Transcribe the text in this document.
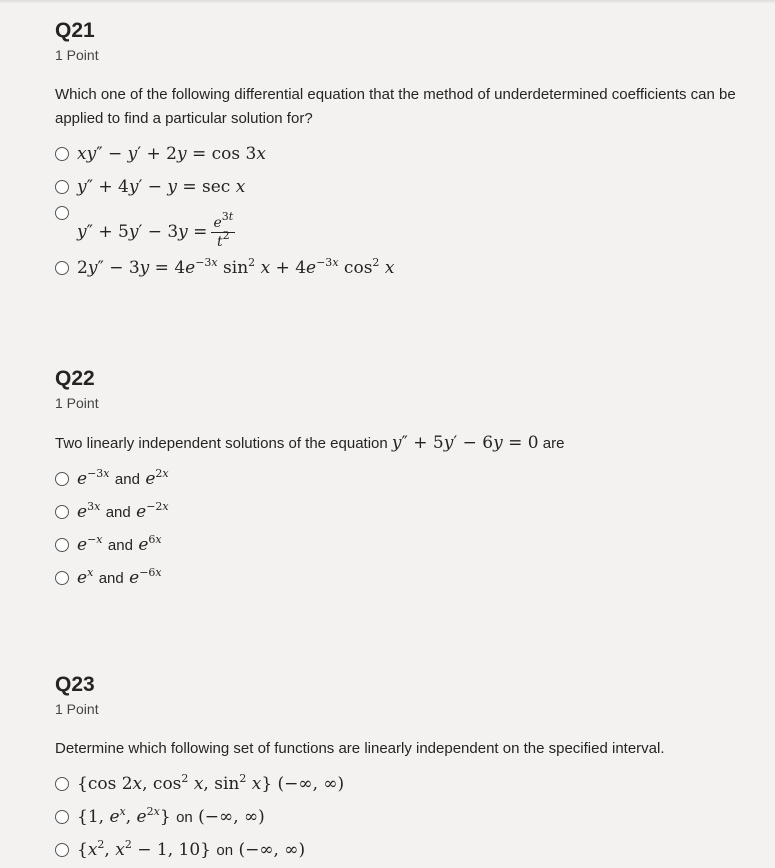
Q21
1 Point
Which one of the following differential equation that the method of underdetermined coefficients can be applied to find a particular solution for?
xy″ − y′ + 2y = cos 3x
y″ + 4y′ − y = sec x
$y'' + 5y' - 3y = \frac{e^{3t}}{t^2}$
$2y'' - 3y = 4e^{-3x}$ $\sin^2 x + 4e^{-3x}$ $\cos^2 x$
Q22
1 Point
Two linearly independent solutions of the equation y″ + 5y′ − 6y = 0 are
$e^{-3x}$ and $e^{2x}$
$e^{3x}$ and $e^{-2x}$
$e^{-x}$ and $e^{6x}$
$e^x$ and $e^{-6x}$
Q23
1 Point
Determine which following set of functions are linearly independent on the specified interval.
{cos 2x, $\cos^2 x$, $\sin^2 x$} (−∞, ∞)
{1, $e^x$, $e^{2x}$} on (−∞, ∞)
{$x^2$, $x^2 - 1$, 10} on (−∞, ∞)
